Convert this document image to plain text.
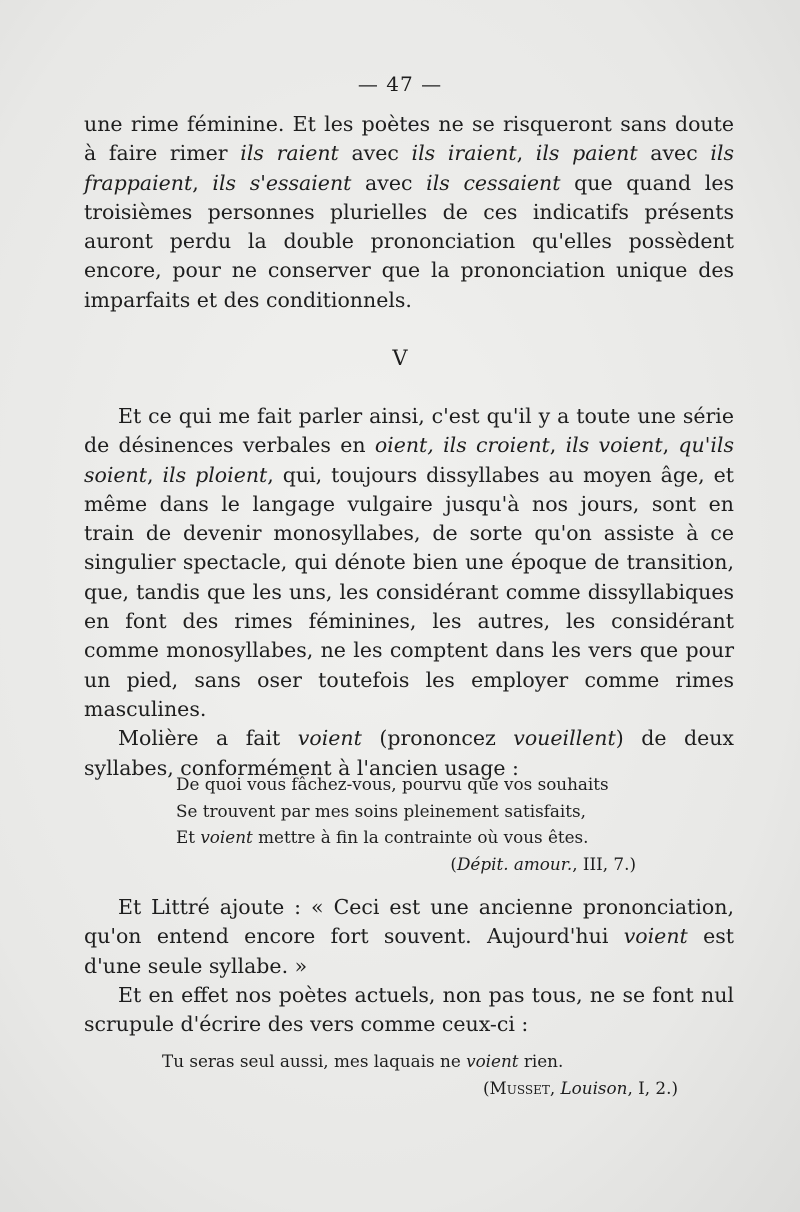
— 47 —

une rime féminine. Et les poètes ne se risqueront sans doute à faire rimer ils raient avec ils iraient, ils paient avec ils frappaient, ils s'essaient avec ils cessaient que quand les troisièmes personnes plurielles de ces indicatifs présents auront perdu la double prononciation qu'elles possèdent encore, pour ne conserver que la prononciation unique des imparfaits et des conditionnels.

V

Et ce qui me fait parler ainsi, c'est qu'il y a toute une série de désinences verbales en oient, ils croient, ils voient, qu'ils soient, ils ploient, qui, toujours dissyllabes au moyen âge, et même dans le langage vulgaire jusqu'à nos jours, sont en train de devenir monosyllabes, de sorte qu'on assiste à ce singulier spectacle, qui dénote bien une époque de transition, que, tandis que les uns, les considérant comme dissyllabiques en font des rimes féminines, les autres, les considérant comme monosyllabes, ne les comptent dans les vers que pour un pied, sans oser toutefois les employer comme rimes masculines.

Molière a fait voient (prononcez voueillent) de deux syllabes, conformément à l'ancien usage :

De quoi vous fâchez-vous, pourvu que vos souhaits
Se trouvent par mes soins pleinement satisfaits,
Et voient mettre à fin la contrainte où vous êtes.
(Dépit. amour., III, 7.)

Et Littré ajoute : « Ceci est une ancienne prononciation, qu'on entend encore fort souvent. Aujourd'hui voient est d'une seule syllabe. »

Et en effet nos poètes actuels, non pas tous, ne se font nul scrupule d'écrire des vers comme ceux-ci :

Tu seras seul aussi, mes laquais ne voient rien.
(Musset, Louison, I, 2.)
